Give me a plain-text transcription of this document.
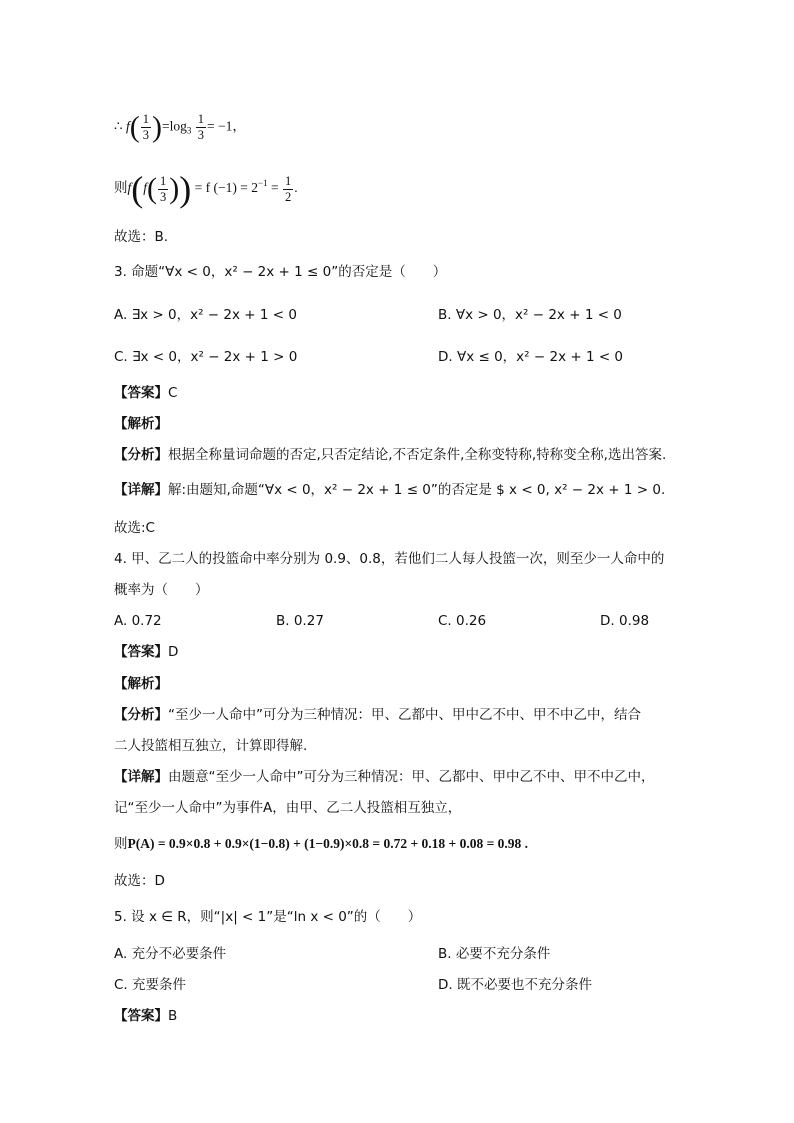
∴ $f( \frac{1}{3} )=\log_3 \frac{1}{3} = -1$，
则$f(f( \frac{1}{3}$ )) = f $(-1) = 2^{-1} = \frac{1}{2}$ .
故选：B.
3. 命题“∀x < 0，x² − 2x + 1 ≤ 0”的否定是（　　）
A. ∃x > 0，x² − 2x + 1 < 0	B. ∀x > 0，x² − 2x + 1 < 0
C. ∃x < 0，x² − 2x + 1 > 0	D. ∀x ≤ 0，x² − 2x + 1 < 0
【答案】C
【解析】
【分析】根据全称量词命题的否定,只否定结论,不否定条件,全称变特称,特称变全称,选出答案.
【详解】解:由题知,命题“∀x < 0，x² − 2x + 1 ≤ 0”的否定是 $ x < 0, x² − 2x + 1 > 0.
故选:C
4. 甲、乙二人的投篮命中率分别为 0.9、0.8，若他们二人每人投篮一次，则至少一人命中的
概率为（　　）
A. 0.72	B. 0.27	C. 0.26	D. 0.98
【答案】D
【解析】
【分析】“至少一人命中”可分为三种情况：甲、乙都中、甲中乙不中、甲不中乙中，结合
二人投篮相互独立，计算即得解.
【详解】由题意“至少一人命中”可分为三种情况：甲、乙都中、甲中乙不中、甲不中乙中，
记“至少一人命中”为事件A，由甲、乙二人投篮相互独立，
则P(A) = 0.9×0.8 + 0.9×(1−0.8) + (1−0.9)×0.8 = 0.72 + 0.18 + 0.08 = 0.98 .
故选：D
5. 设 x ∈ R，则“|x| < 1”是“ln x < 0”的（　　）
A. 充分不必要条件	B. 必要不充分条件
C. 充要条件	D. 既不必要也不充分条件
【答案】B
